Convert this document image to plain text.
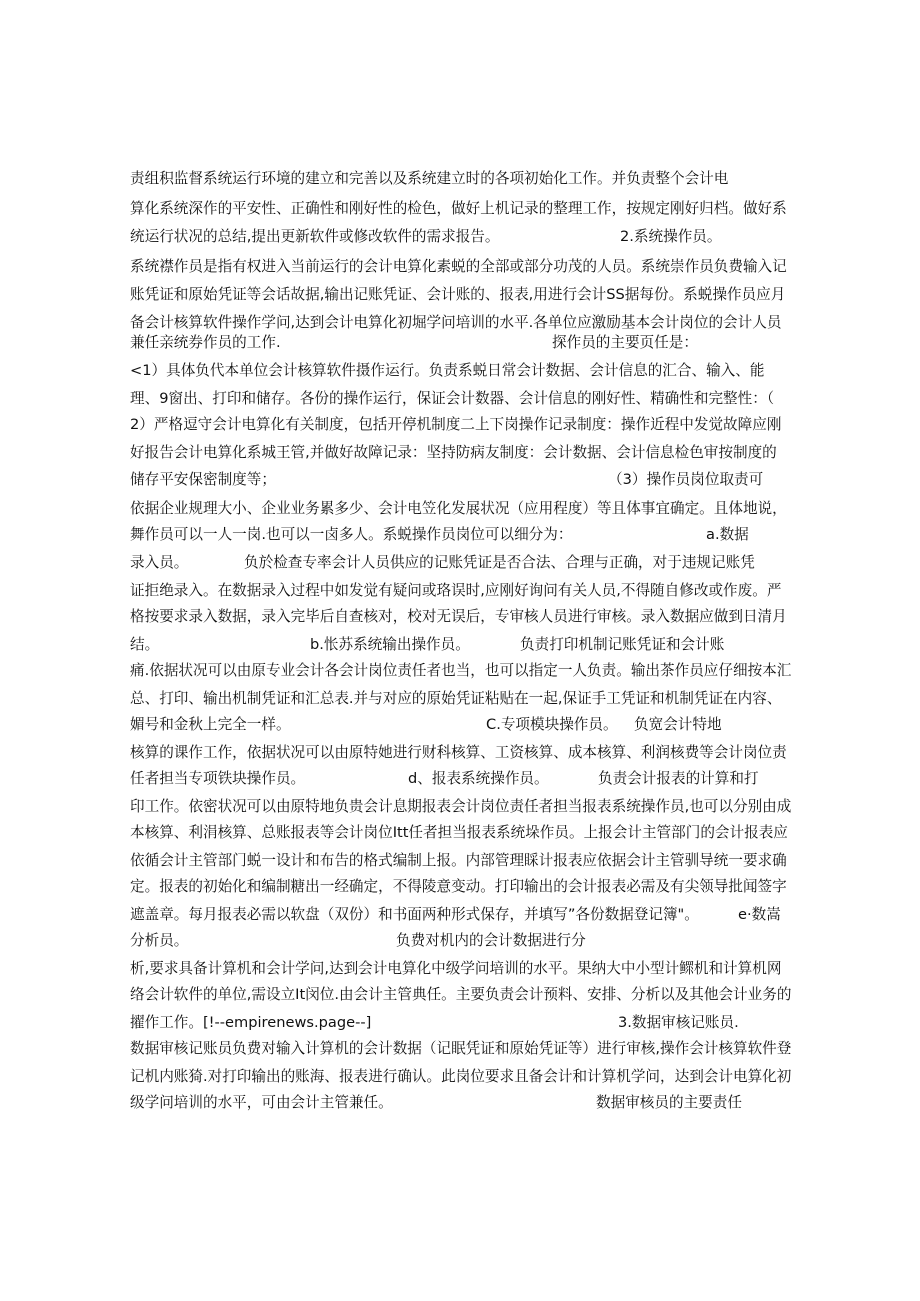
责组积监督系统运行环境的建立和完善以及系统建立时的各项初始化工作。并负责整个会计电
算化系统深作的平安性、正确性和刚好性的检色，做好上机记录的整理工作，按规定刚好归档。做好系
统运行状况的总结,提出更新软件或修改软件的需求报告。	2.系统操作员。
系统襟作员是指有权进入当前运行的会计电算化素蜕的全部或部分功茂的人员。系统崇作员负费输入记
账凭证和原始凭证等会话故据,输出记账凭证、会计账的、报表,用进行会计SS据每份。系蜕操作员应月
备会计核算软件操作学问,达到会计电算化初堀学问培训的水平.各单位应激励基本会计岗位的会计人员
兼任亲统券作员的工作.	探作员的主要页任是：
<1）具体负代本单位会计核算软件摄作运行。负责系蜕日常会计数据、会计信息的汇合、输入、能
理、9窗出、打印和储存。各份的操作运行，保证会计数器、会计信息的刚好性、精确性和完整性：（
2）严格逗守会计电算化有关制度，包括开停机制度二上下岗操作记录制度：操作近程中发觉故障应刚
好报告会计电算化系城王管,并做好故障记录：坚持防病友制度：会计数据、会计信息检色审按制度的
储存平安保密制度等；	（3）操作员岗位取责可
依据企业规理大小、企业业务累多少、会计电笠化发展状况（应用程度）等且体事宜确定。且体地说，
舞作员可以一人一岗.也可以一卤多人。系蜕操作员岗位可以细分为：	a.数据
录入员。	负於检查专率会计人员供应的记账凭证是否合法、合理与正确，对于违规记账凭
证拒绝录入。在数据录入过程中如发觉有疑问或珞误时,应刚好询问有关人员,不得随自修改或作废。严
格按要求录入数据，录入完毕后自查核对，校对无误后，专审核人员进行审核。录入数据应做到日清月
结。	b.怅苏系统输出操作员。	负责打印机制记账凭证和会计账
痛.依据状况可以由原专业会计各会计岗位责任者也当，也可以指定一人负责。输出茶作员应仔细按本汇
总、打印、输出机制凭证和汇总表.并与对应的原始凭证粘贴在一起,保证手工凭证和机制凭证在内容、
媚号和金秋上完全一样。	C.专项模块操作员。 负宽会计特地
核算的课作工作，依据状况可以由原特她进行财科核算、工资核算、成本核算、利润核费等会计岗位责
任者担当专项铁块操作员。	d、报表系统操作员。	负责会计报表的计算和打
印工作。依密状况可以由原特地负贵会计息期报表会计岗位责任者担当报表系统操作员,也可以分别由成
本核算、利涓核算、总账报表等会计岗位Itt任者担当报表系统垛作员。上报会计主管部门的会计报表应
依循会计主管部门蜕一设计和布告的格式编制上报。内部管理睬计报表应依据会计主管驯导统一要求确
定。报表的初始化和编制糖出一经确定，不得陵意变动。打印输出的会计报表必需及有尖领导批闻签字
遮盖章。每月报表必需以软盘（双份）和书面两种形式保存，并填写”各份数据登记簿"。	e·数嵩
分析员。	负费对机内的会计数据进行分
析,要求具备计算机和会计学问,达到会计电算化中级学问培训的水平。果纳大中小型计鳏机和计算机网
络会计软件的单位,需设立It闵位.由会计主管典任。主要负责会计预料、安排、分析以及其他会计业务的
擢作工作。[!--empirenews.page--]	3.数据审核记账员.
数据审核记账员负费对输入计算机的会计数据（记眠凭证和原始凭证等）进行审核,操作会计核算软件登
记机内账猗.对打印输出的账海、报表进行确认。此岗位要求且备会计和计算机学问，达到会计电算化初
级学问培训的水平，可由会计主管兼任。	数据审核员的主要责任
